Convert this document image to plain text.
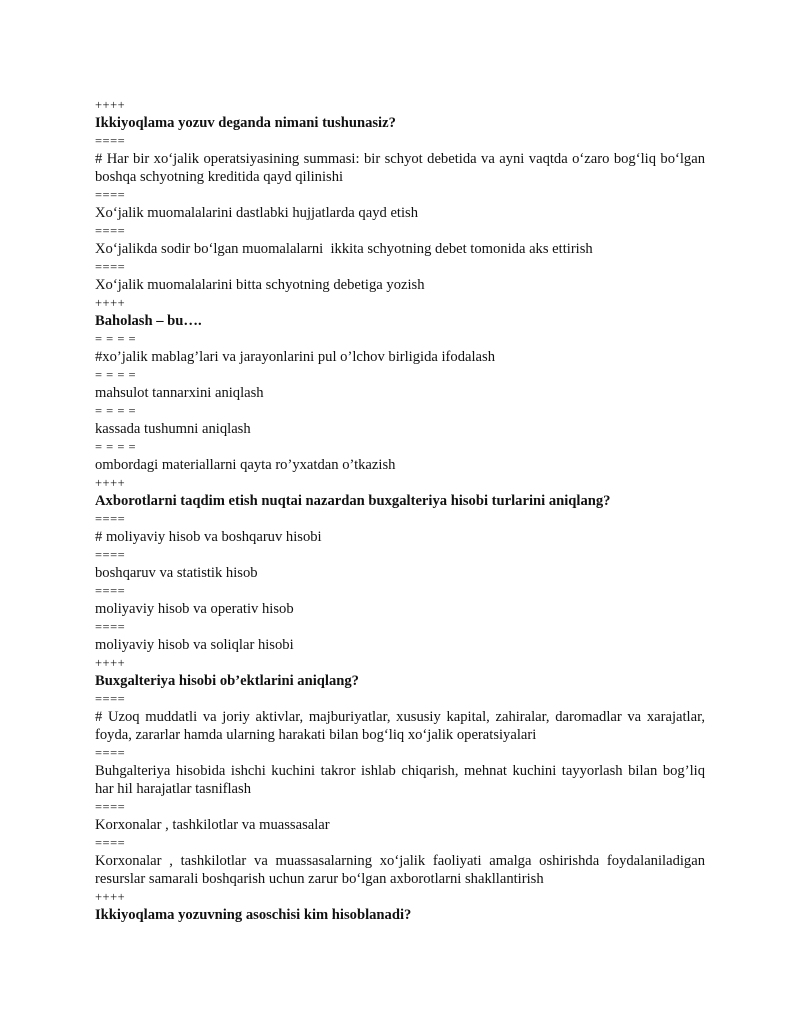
++++

Ikkiyoqlama yozuv deganda nimani tushunasiz?

====

# Har bir xo‘jalik operatsiyasining summasi: bir schyot debetida va ayni vaqtda o‘zaro bog‘liq bo‘lgan boshqa schyotning kreditida qayd qilinishi

====

Xo‘jalik muomalalarini dastlabki hujjatlarda qayd etish

====

Xo‘jalikda sodir bo‘lgan muomalalarni  ikkita schyotning debet tomonida aks ettirish

====

Xo‘jalik muomalalarini bitta schyotning debetiga yozish

++++

Baholash – bu….

= = = =

#xo’jalik mablag’lari va jarayonlarini pul o’lchov birligida ifodalash

= = = =

mahsulot tannarxini aniqlash

= = = =

kassada tushumni aniqlash

= = = =

ombordagi materiallarni qayta ro’yxatdan o’tkazish

++++

Axborotlarni taqdim etish nuqtai nazardan buxgalteriya hisobi turlarini aniqlang?

====

# moliyaviy hisob va boshqaruv hisobi

====

boshqaruv va statistik hisob

====

moliyaviy hisob va operativ hisob

====

moliyaviy hisob va soliqlar hisobi

++++

Buxgalteriya hisobi ob’ektlarini aniqlang?

====

# Uzoq muddatli va joriy aktivlar, majburiyatlar, xususiy kapital, zahiralar, daromadlar va xarajatlar, foyda, zararlar hamda ularning harakati bilan bog‘liq xo‘jalik operatsiyalari

====

Buhgalteriya hisobida ishchi kuchini takror ishlab chiqarish, mehnat kuchini tayyorlash bilan bog’liq har hil harajatlar tasniflash

====

Korxonalar , tashkilotlar va muassasalar

====

Korxonalar , tashkilotlar va muassasalarning xo‘jalik faoliyati amalga oshirishda foydalaniladigan resurslar samarali boshqarish uchun zarur bo‘lgan axborotlarni shakllantirish

++++

Ikkiyoqlama yozuvning asoschisi kim hisoblanadi?
